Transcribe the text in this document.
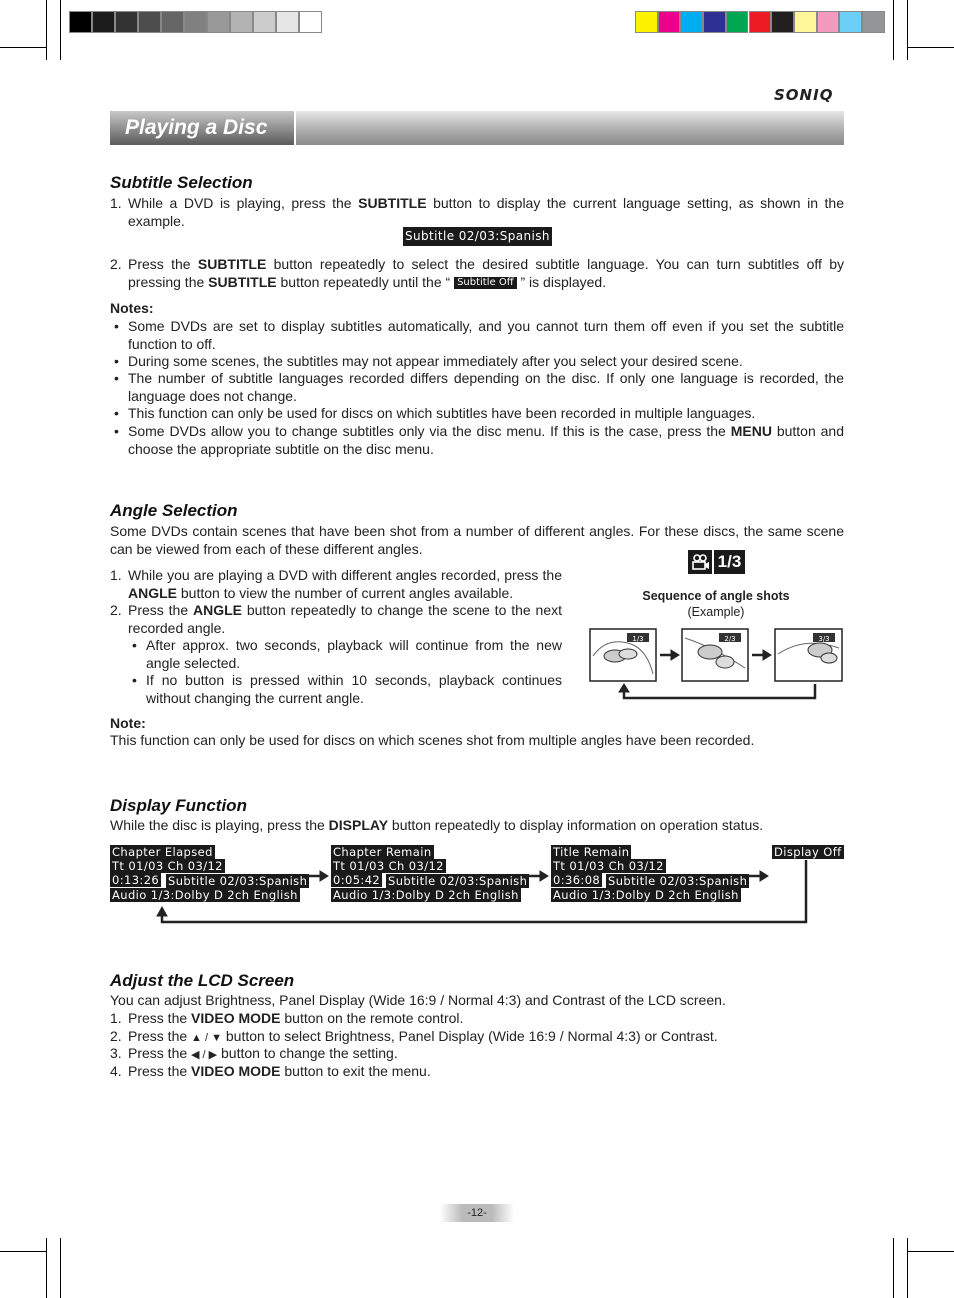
SONIQ
Playing a Disc
Subtitle Selection
1. While a DVD is playing, press the SUBTITLE button to display the current language setting, as shown in the example.
Subtitle 02/03:Spanish
2. Press the SUBTITLE button repeatedly to select the desired subtitle language. You can turn subtitles off by pressing the SUBTITLE button repeatedly until the “ Subtitle Off ” is displayed.
Notes:
• Some DVDs are set to display subtitles automatically, and you cannot turn them off even if you set the subtitle function to off.
• During some scenes, the subtitles may not appear immediately after you select your desired scene.
• The number of subtitle languages recorded differs depending on the disc. If only one language is recorded, the language does not change.
• This function can only be used for discs on which subtitles have been recorded in multiple languages.
• Some DVDs allow you to change subtitles only via the disc menu. If this is the case, press the MENU button and choose the appropriate subtitle on the disc menu.
Angle Selection

Some DVDs contain scenes that have been shot from a number of different angles. For these discs, the same scene can be viewed from each of these different angles.

1. While you are playing a DVD with different angles recorded, press the ANGLE button to view the number of current angles available.
2. Press the ANGLE button repeatedly to change the scene to the next recorded angle.
• After approx. two seconds, playback will continue from the new angle selected.
• If no button is pressed within 10 seconds, playback continues without changing the current angle.
1/3
Sequence of angle shots
(Example)
1/3	2/3	3/3
Note:

This function can only be used for discs on which scenes shot from multiple angles have been recorded.

Display Function

While the disc is playing, press the DISPLAY button repeatedly to display information on operation status.

Chapter Elapsed
Tt 01/03 Ch 03/12
0:13:26 Subtitle 02/03:Spanish
Audio 1/3:Dolby D 2ch English
Chapter Remain
Tt 01/03 Ch 03/12
0:05:42 Subtitle 02/03:Spanish
Audio 1/3:Dolby D 2ch English
Title Remain
Tt 01/03 Ch 03/12
0:36:08 Subtitle 02/03:Spanish
Audio 1/3:Dolby D 2ch English
Display Off
Adjust the LCD Screen

You can adjust Brightness, Panel Display (Wide 16:9 / Normal 4:3) and Contrast of the LCD screen.

1. Press the VIDEO MODE button on the remote control.
2. Press the ▲ / ▼ button to select Brightness, Panel Display (Wide 16:9 / Normal 4:3) or Contrast.
3. Press the ◀ / ▶ button to change the setting.
4. Press the VIDEO MODE button to exit the menu.
-12-
